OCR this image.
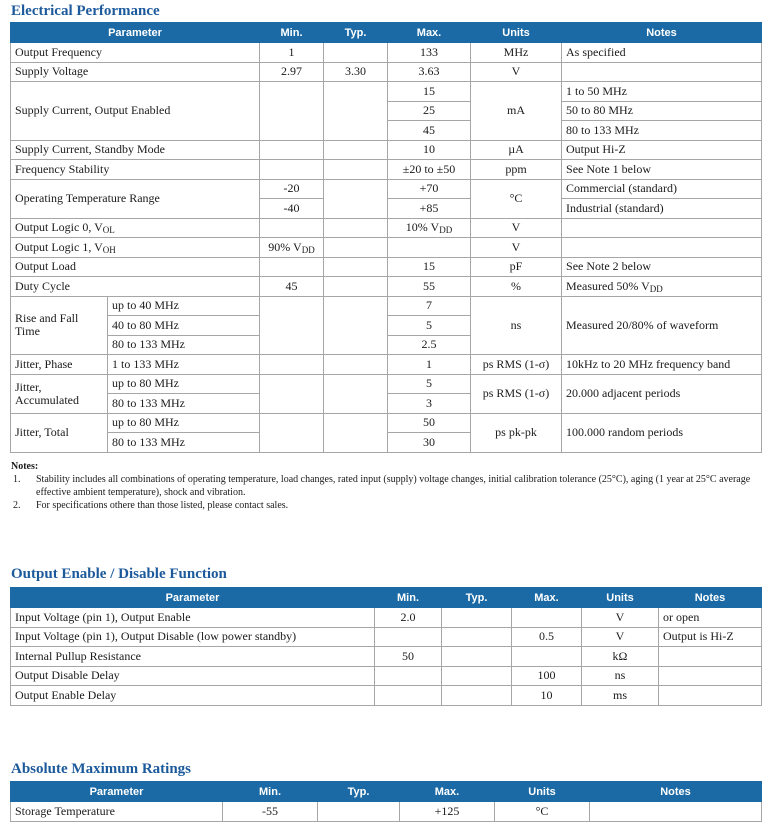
Electrical Performance
Parameter		Min.	Typ.	Max.	Units	Notes
Output Frequency		1		133	MHz	As specified
Supply Voltage		2.97	3.30	3.63	V	
Supply Current, Output Enabled				15	mA	1 to 50 MHz
				25		50 to 80 MHz
				45		80 to 133 MHz
Supply Current, Standby Mode				10	µA	Output Hi-Z
Frequency Stability				±20 to ±50	ppm	See Note 1 below
Operating Temperature Range		-20		+70	°C	Commercial (standard)
		-40		+85		Industrial (standard)
Output Logic 0, $V_{OL}$				10% $V_{DD}$	V	
Output Logic 1, $V_{OH}$		90% $V_{DD}$			V	
Output Load				15	pF	See Note 2 below
Duty Cycle		45		55	%	Measured 50% $V_{DD}$
Rise and Fall Time	up to 40 MHz			7	ns	Measured 20/80% of waveform
	40 to 80 MHz			5		
	80 to 133 MHz			2.5		
Jitter, Phase	1 to 133 MHz			1	ps RMS (1-σ)	10kHz to 20 MHz frequency band
Jitter, Accumulated	up to 80 MHz			5	ps RMS (1-σ)	20.000 adjacent periods
	80 to 133 MHz			3		
Jitter, Total	up to 80 MHz			50	ps pk-pk	100.000 random periods
	80 to 133 MHz			30		
Notes:
1. Stability includes all combinations of operating temperature, load changes, rated input (supply) voltage changes, initial calibration tolerance (25°C), aging (1 year at 25°C average effective ambient temperature), shock and vibration.
2. For specifications othere than those listed, please contact sales.
Output Enable / Disable Function
Parameter	Min.	Typ.	Max.	Units	Notes
Input Voltage (pin 1), Output Enable	2.0			V	or open
Input Voltage (pin 1), Output Disable (low power standby)			0.5	V	Output is Hi-Z
Internal Pullup Resistance	50			kΩ	
Output Disable Delay			100	ns	
Output Enable Delay			10	ms	
Absolute Maximum Ratings
Parameter	Min.	Typ.	Max.	Units	Notes
Storage Temperature	-55		+125	°C	
